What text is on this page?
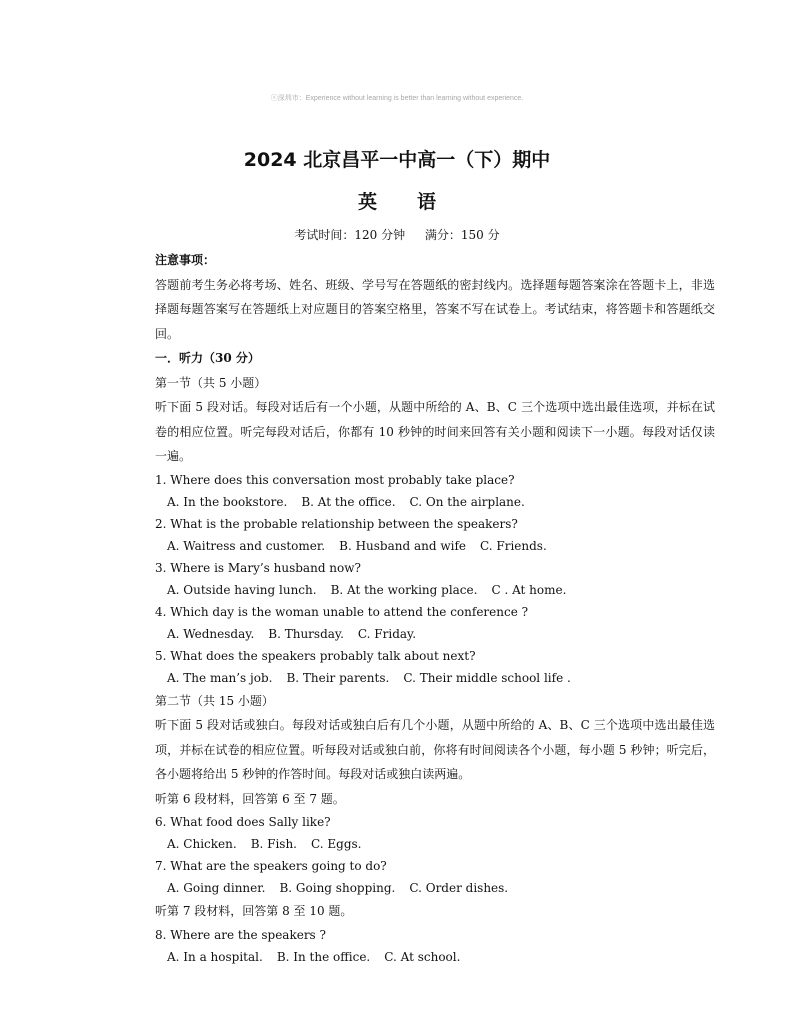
ⓢ深圳市：Experience without learning is better than learning without experience.
2024 北京昌平一中高一（下）期中
英语
考试时间：120 分钟 满分：150 分

注意事项：

答题前考生务必将考场、姓名、班级、学号写在答题纸的密封线内。选择题每题答案涂在答题卡上，非选择题每题答案写在答题纸上对应题目的答案空格里，答案不写在试卷上。考试结束，将答题卡和答题纸交回。

一．听力（30 分）

第一节（共 5 小题）

听下面 5 段对话。每段对话后有一个小题，从题中所给的 A、B、C 三个选项中选出最佳选项，并标在试卷的相应位置。听完每段对话后，你都有 10 秒钟的时间来回答有关小题和阅读下一小题。每段对话仅读一遍。

1. Where does this conversation most probably take place?

A. In the bookstore. B. At the office. C. On the airplane.

2. What is the probable relationship between the speakers?

A. Waitress and customer. B. Husband and wife C. Friends.

3. Where is Mary’s husband now?

A. Outside having lunch. B. At the working place. C . At home.

4. Which day is the woman unable to attend the conference ?

A. Wednesday. B. Thursday. C. Friday.

5. What does the speakers probably talk about next?

A. The man’s job. B. Their parents. C. Their middle school life .

第二节（共 15 小题）

听下面 5 段对话或独白。每段对话或独白后有几个小题，从题中所给的 A、B、C 三个选项中选出最佳选项，并标在试卷的相应位置。听每段对话或独白前，你将有时间阅读各个小题，每小题 5 秒钟；听完后，各小题将给出 5 秒钟的作答时间。每段对话或独白读两遍。

听第 6 段材料，回答第 6 至 7 题。

6. What food does Sally like?

A. Chicken. B. Fish. C. Eggs.

7. What are the speakers going to do?

A. Going dinner. B. Going shopping. C. Order dishes.

听第 7 段材料，回答第 8 至 10 题。

8. Where are the speakers ?

A. In a hospital. B. In the office. C. At school.
